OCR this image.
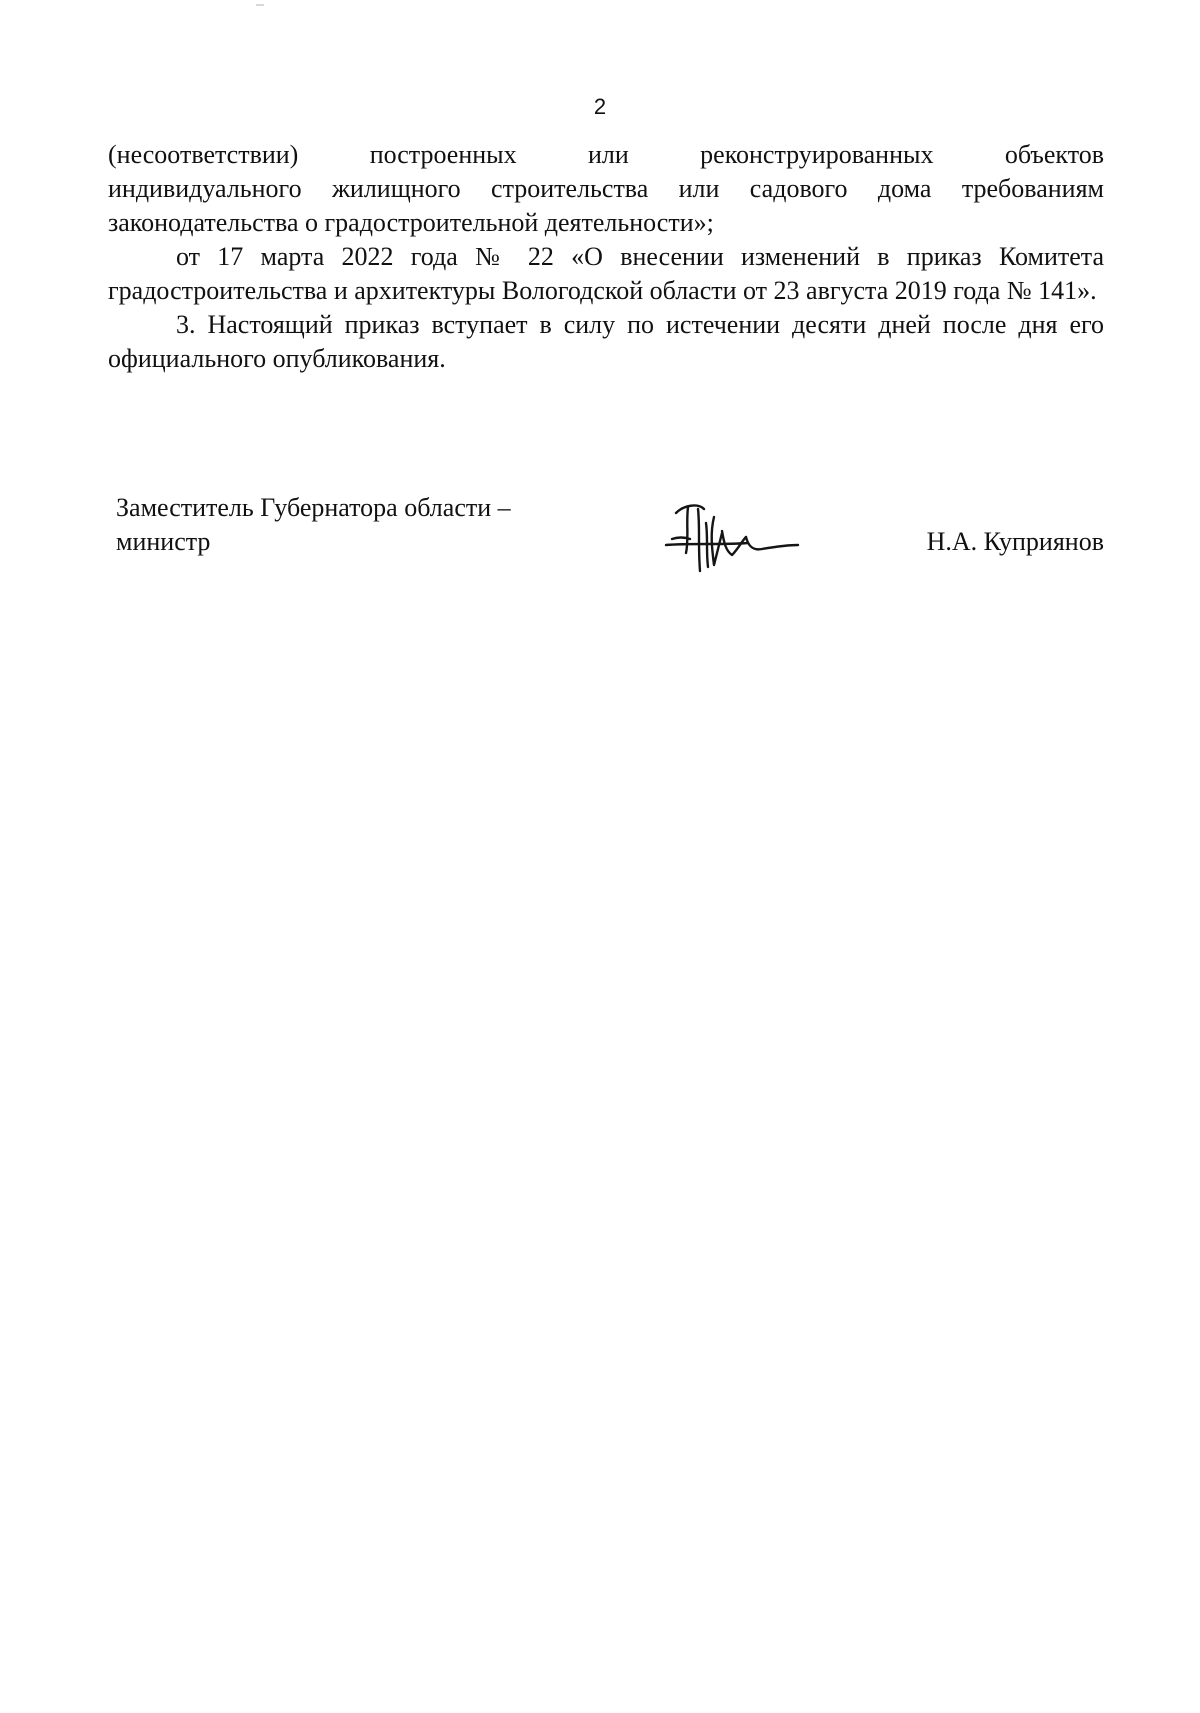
2

(несоответствии)	построенных	или	реконструированных	объектов

индивидуального жилищного строительства или садового дома требованиям

законодательства о градостроительной деятельности»;

от 17 марта 2022 года № 22 «О внесении изменений в приказ Комитета градостроительства и архитектуры Вологодской области от 23 августа 2019 года № 141».

3. Настоящий приказ вступает в силу по истечении десяти дней после дня его официального опубликования.

Заместитель Губернатора области –
министр	Н.А. Куприянов
